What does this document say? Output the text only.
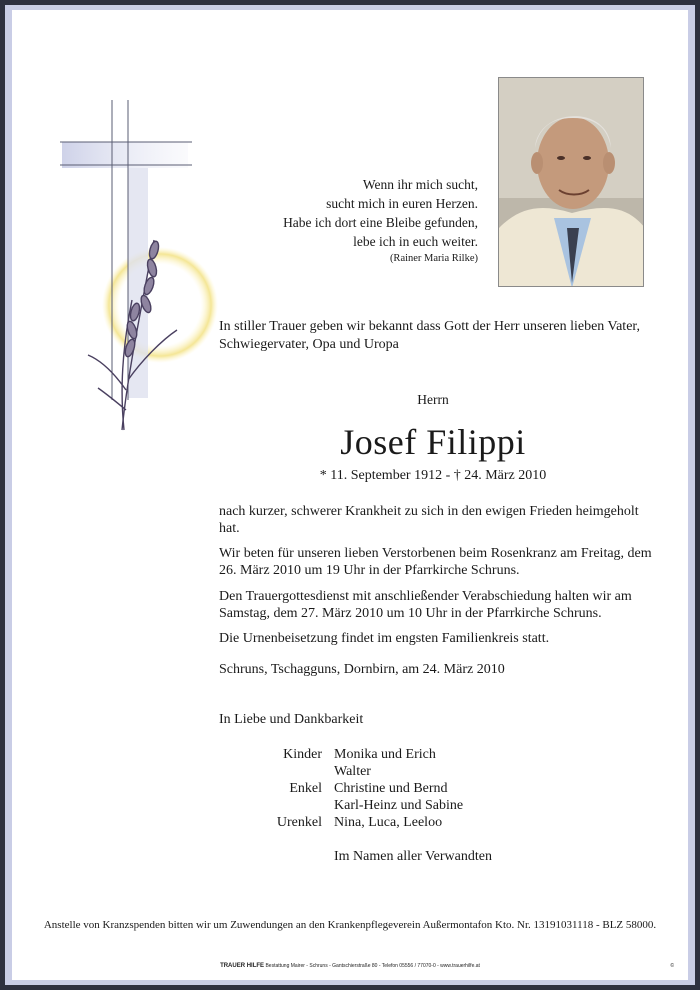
Wenn ihr mich sucht,
sucht mich in euren Herzen.
Habe ich dort eine Bleibe gefunden,
lebe ich in euch weiter.
(Rainer Maria Rilke)
In stiller Trauer geben wir bekannt dass Gott der Herr unseren lieben Vater, Schwiegervater, Opa und Uropa
Herrn
Josef Filippi
* 11. September 1912 - † 24. März 2010
nach kurzer, schwerer Krankheit zu sich in den ewigen Frieden heimgeholt hat.
Wir beten für unseren lieben Verstorbenen beim Rosenkranz am Freitag, dem 26. März 2010 um 19 Uhr in der Pfarrkirche Schruns.
Den Trauergottesdienst mit anschließender Verabschiedung halten wir am Samstag, dem 27. März 2010 um 10 Uhr in der Pfarrkirche Schruns.
Die Urnenbeisetzung findet im engsten Familienkreis statt.
Schruns, Tschagguns, Dornbirn, am 24. März 2010
In Liebe und Dankbarkeit
Kinder Monika und Erich
Walter
Enkel Christine und Bernd
Karl-Heinz und Sabine
Urenkel Nina, Luca, Leeloo
Im Namen aller Verwandten
Anstelle von Kranzspenden bitten wir um Zuwendungen an den Krankenpflegeverein Außermontafon Kto. Nr. 13191031118 - BLZ 58000.
TRAUER HILFE Bestattung Mairer - Schruns - Gantschierstraße 80 - Telefon 05556 / 77070-0 - www.trauerhilfe.at	©
